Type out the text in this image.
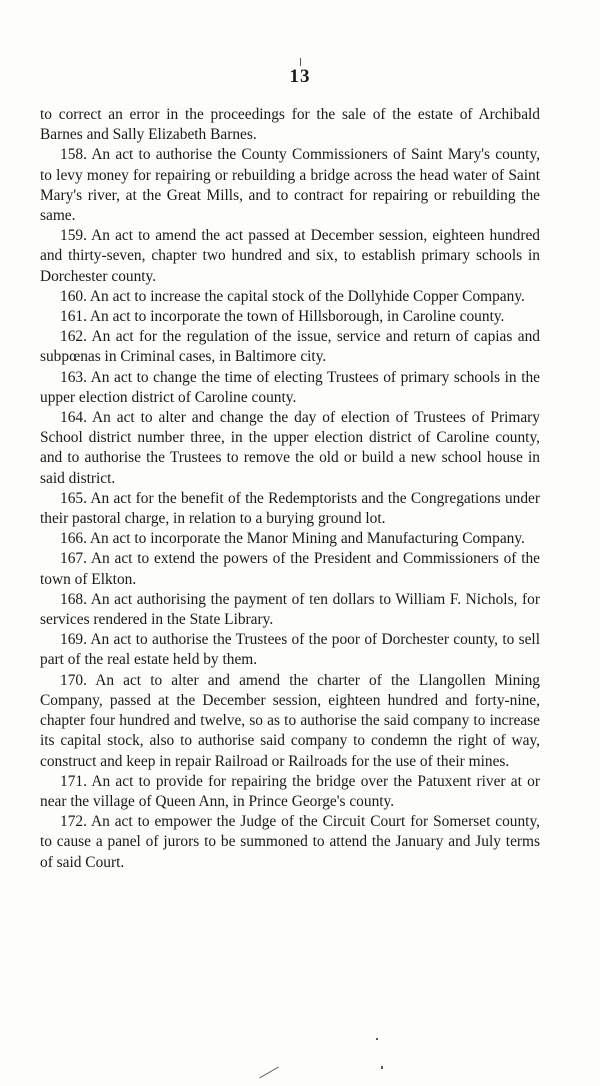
13

to correct an error in the proceedings for the sale of the estate of Archibald Barnes and Sally Elizabeth Barnes.

158. An act to authorise the County Commissioners of Saint Mary's county, to levy money for repairing or rebuilding a bridge across the head water of Saint Mary's river, at the Great Mills, and to contract for repairing or rebuilding the same.

159. An act to amend the act passed at December session, eighteen hundred and thirty-seven, chapter two hundred and six, to establish primary schools in Dorchester county.

160. An act to increase the capital stock of the Dollyhide Copper Company.

161. An act to incorporate the town of Hillsborough, in Caroline county.

162. An act for the regulation of the issue, service and return of capias and subpœnas in Criminal cases, in Baltimore city.

163. An act to change the time of electing Trustees of primary schools in the upper election district of Caroline county.

164. An act to alter and change the day of election of Trustees of Primary School district number three, in the upper election district of Caroline county, and to authorise the Trustees to remove the old or build a new school house in said district.

165. An act for the benefit of the Redemptorists and the Congregations under their pastoral charge, in relation to a burying ground lot.

166. An act to incorporate the Manor Mining and Manufacturing Company.

167. An act to extend the powers of the President and Commissioners of the town of Elkton.

168. An act authorising the payment of ten dollars to William F. Nichols, for services rendered in the State Library.

169. An act to authorise the Trustees of the poor of Dorchester county, to sell part of the real estate held by them.

170. An act to alter and amend the charter of the Llangollen Mining Company, passed at the December session, eighteen hundred and forty-nine, chapter four hundred and twelve, so as to authorise the said company to increase its capital stock, also to authorise said company to condemn the right of way, construct and keep in repair Railroad or Railroads for the use of their mines.

171. An act to provide for repairing the bridge over the Patuxent river at or near the village of Queen Ann, in Prince George's county.

172. An act to empower the Judge of the Circuit Court for Somerset county, to cause a panel of jurors to be summoned to attend the January and July terms of said Court.
